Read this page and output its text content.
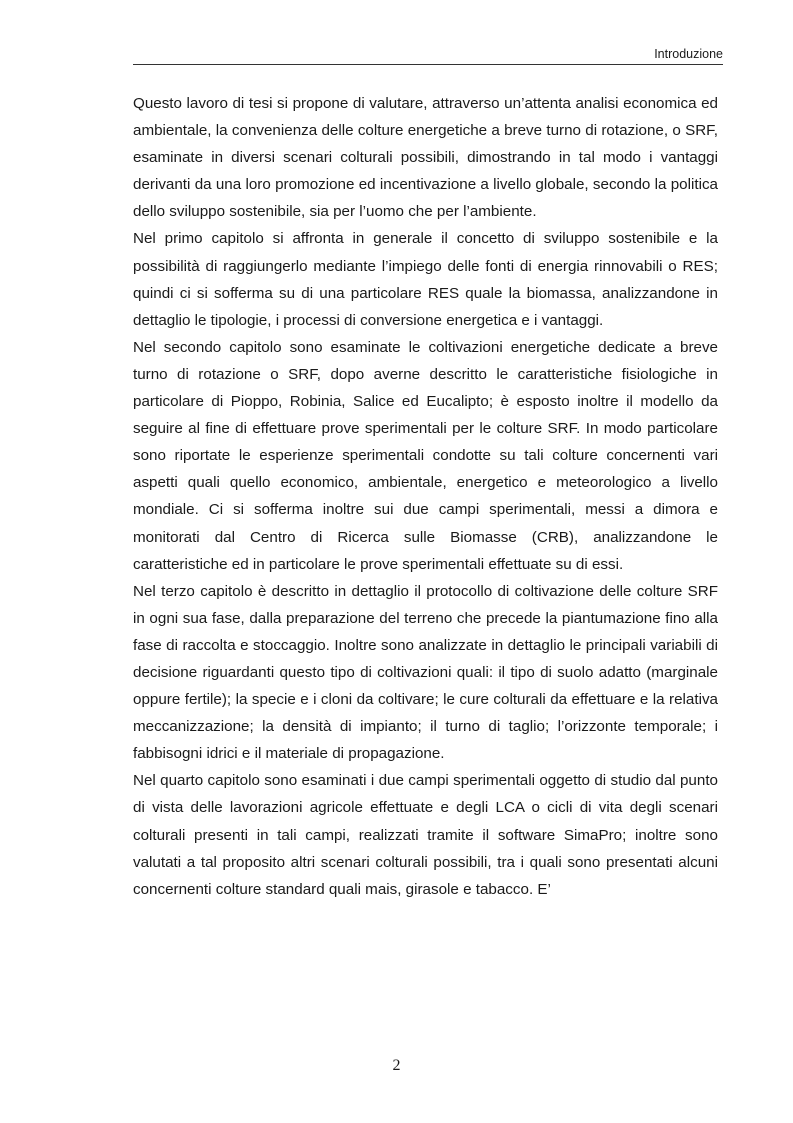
Introduzione

Questo lavoro di tesi si propone di valutare, attraverso un’attenta analisi economica ed ambientale, la convenienza delle colture energetiche a breve turno di rotazione, o SRF, esaminate in diversi scenari colturali possibili, dimostrando in tal modo i vantaggi derivanti da una loro promozione ed incentivazione a livello globale, secondo la politica dello sviluppo sostenibile, sia per l’uomo che per l’ambiente.

Nel primo capitolo si affronta in generale il concetto di sviluppo sostenibile e la possibilità di raggiungerlo mediante l’impiego delle fonti di energia rinnovabili o RES; quindi ci si sofferma su di una particolare RES quale la biomassa, analizzandone in dettaglio le tipologie, i processi di conversione energetica e i vantaggi.

Nel secondo capitolo sono esaminate le coltivazioni energetiche dedicate a breve turno di rotazione o SRF, dopo averne descritto le caratteristiche fisiologiche in particolare di Pioppo, Robinia, Salice ed Eucalipto; è esposto inoltre il modello da seguire al fine di effettuare prove sperimentali per le colture SRF. In modo particolare sono riportate le esperienze sperimentali condotte su tali colture concernenti vari aspetti quali quello economico, ambientale, energetico e meteorologico a livello mondiale. Ci si sofferma inoltre sui due campi sperimentali, messi a dimora e monitorati dal Centro di Ricerca sulle Biomasse (CRB), analizzandone le caratteristiche ed in particolare le prove sperimentali effettuate su di essi.

Nel terzo capitolo è descritto in dettaglio il protocollo di coltivazione delle colture SRF in ogni sua fase, dalla preparazione del terreno che precede la piantumazione fino alla fase di raccolta e stoccaggio. Inoltre sono analizzate in dettaglio le principali variabili di decisione riguardanti questo tipo di coltivazioni quali: il tipo di suolo adatto (marginale oppure fertile); la specie e i cloni da coltivare; le cure colturali da effettuare e la relativa meccanizzazione; la densità di impianto; il turno di taglio; l’orizzonte temporale; i fabbisogni idrici e il materiale di propagazione.

Nel quarto capitolo sono esaminati i due campi sperimentali oggetto di studio dal punto di vista delle lavorazioni agricole effettuate e degli LCA o cicli di vita degli scenari colturali presenti in tali campi, realizzati tramite il software SimaPro; inoltre sono valutati a tal proposito altri scenari colturali possibili, tra i quali sono presentati alcuni concernenti colture standard quali mais, girasole e tabacco. E’

2
